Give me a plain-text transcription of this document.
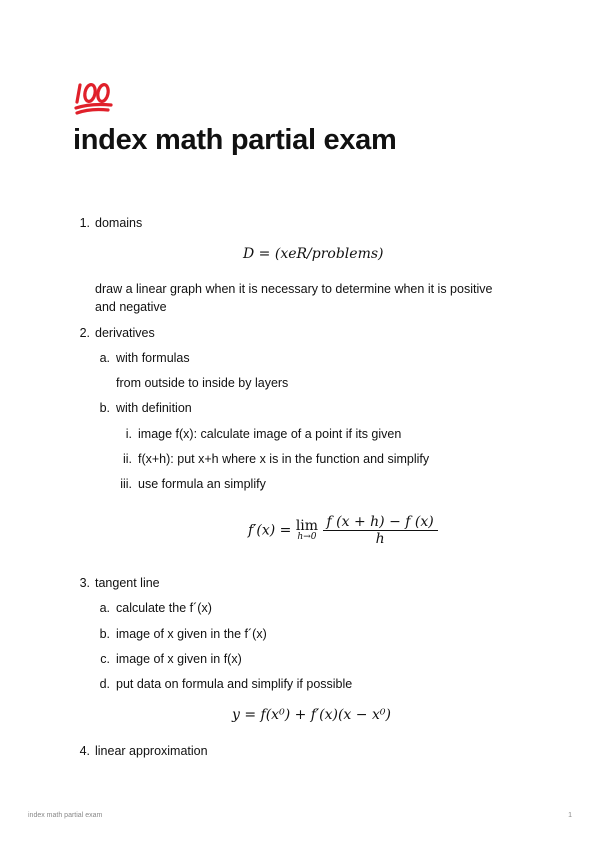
index math partial exam
1. domains
D = (xeR/problems)
draw a linear graph when it is necessary to determine when it is positive and negative
2. derivatives
a. with formulas
from outside to inside by layers
b. with definition
i. image f(x): calculate image of a point if its given
ii. f(x+h): put x+h where x is in the function and simplify
iii. use formula an simplify
f′(x) = lim
h→0
$\frac{f (x + h) - f (x)}{h}$
3. tangent line
a. calculate the f´(x)
b. image of x given in the f´(x)
c. image of x given in f(x)
d. put data on formula and simplify if possible
y = f(x⁰) + f′(x)(x − x⁰)
4. linear approximation
index math partial exam	1
